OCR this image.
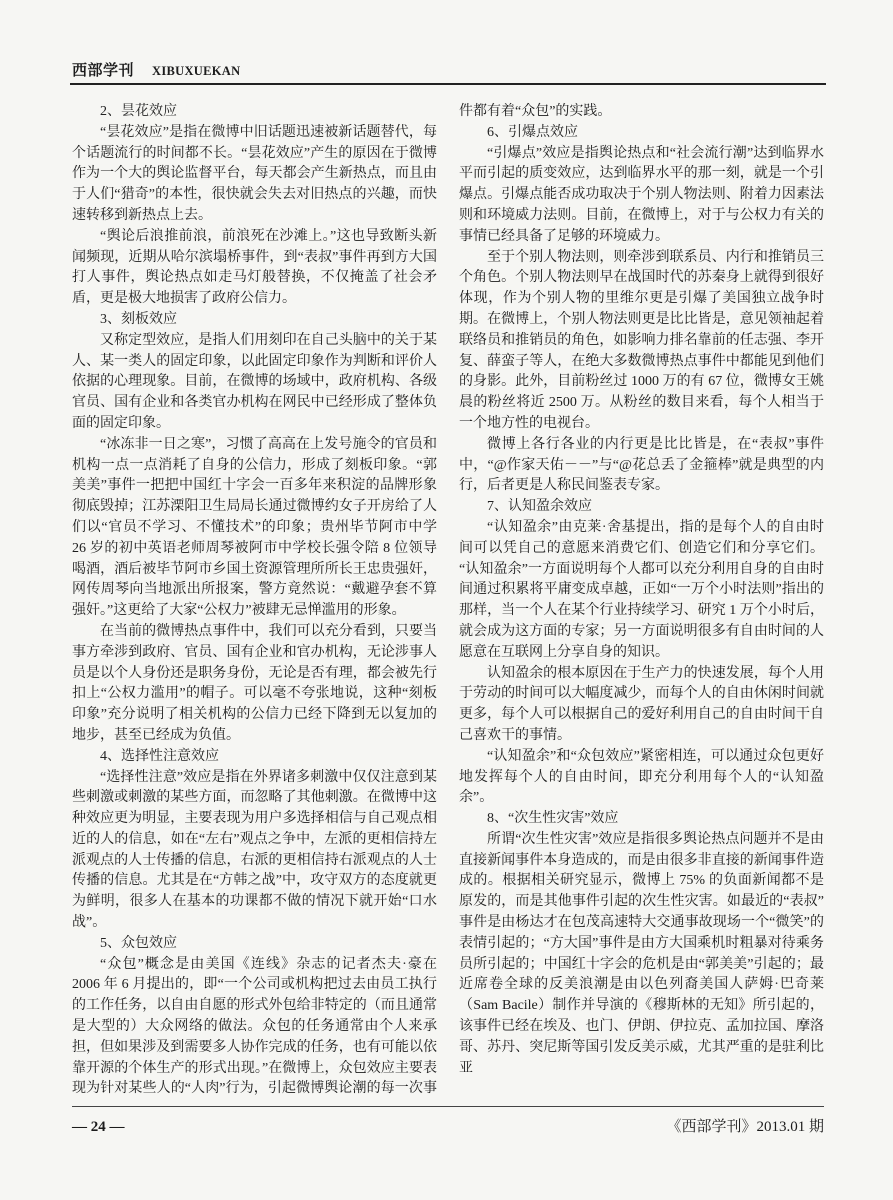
西部学刊 XIBUXUEKAN
2、昙花效应

“昙花效应”是指在微博中旧话题迅速被新话题替代，每个话题流行的时间都不长。“昙花效应”产生的原因在于微博作为一个大的舆论监督平台，每天都会产生新热点，而且由于人们“猎奇”的本性，很快就会失去对旧热点的兴趣，而快速转移到新热点上去。

“舆论后浪推前浪，前浪死在沙滩上。”这也导致断头新闻频现，近期从哈尔滨塌桥事件，到“表叔”事件再到方大国打人事件，舆论热点如走马灯般替换，不仅掩盖了社会矛盾，更是极大地损害了政府公信力。

3、刻板效应

又称定型效应，是指人们用刻印在自己头脑中的关于某人、某一类人的固定印象，以此固定印象作为判断和评价人依据的心理现象。目前，在微博的场域中，政府机构、各级官员、国有企业和各类官办机构在网民中已经形成了整体负面的固定印象。

“冰冻非一日之寒”，习惯了高高在上发号施令的官员和机构一点一点消耗了自身的公信力，形成了刻板印象。“郭美美”事件一把把中国红十字会一百多年来积淀的品牌形象彻底毁掉；江苏溧阳卫生局局长通过微博约女子开房给了人们以“官员不学习、不懂技术”的印象；贵州毕节阿市中学 26 岁的初中英语老师周琴被阿市中学校长强令陪 8 位领导喝酒，酒后被毕节阿市乡国土资源管理所所长王忠贵强奸，网传周琴向当地派出所报案，警方竟然说：“戴避孕套不算强奸。”这更给了大家“公权力”被肆无忌惮滥用的形象。

在当前的微博热点事件中，我们可以充分看到，只要当事方牵涉到政府、官员、国有企业和官办机构，无论涉事人员是以个人身份还是职务身份，无论是否有理，都会被先行扣上“公权力滥用”的帽子。可以毫不夸张地说，这种“刻板印象”充分说明了相关机构的公信力已经下降到无以复加的地步，甚至已经成为负值。

4、选择性注意效应

“选择性注意”效应是指在外界诸多刺激中仅仅注意到某些刺激或刺激的某些方面，而忽略了其他刺激。在微博中这种效应更为明显，主要表现为用户多选择相信与自己观点相近的人的信息，如在“左右”观点之争中，左派的更相信持左派观点的人士传播的信息，右派的更相信持右派观点的人士传播的信息。尤其是在“方韩之战”中，攻守双方的态度就更为鲜明，很多人在基本的功课都不做的情况下就开始“口水战”。

5、众包效应

“众包”概念是由美国《连线》杂志的记者杰夫·豪在 2006 年 6 月提出的，即“一个公司或机构把过去由员工执行的工作任务，以自由自愿的形式外包给非特定的（而且通常是大型的）大众网络的做法。众包的任务通常由个人来承担，但如果涉及到需要多人协作完成的任务，也有可能以依靠开源的个体生产的形式出现。”在微博上，众包效应主要表现为针对某些人的“人肉”行为，引起微博舆论潮的每一次事件都有着“众包”的实践。

6、引爆点效应

“引爆点”效应是指舆论热点和“社会流行潮”达到临界水平而引起的质变效应，达到临界水平的那一刻，就是一个引爆点。引爆点能否成功取决于个别人物法则、附着力因素法则和环境威力法则。目前，在微博上，对于与公权力有关的事情已经具备了足够的环境威力。

至于个别人物法则，则牵涉到联系员、内行和推销员三个角色。个别人物法则早在战国时代的苏秦身上就得到很好体现，作为个别人物的里维尔更是引爆了美国独立战争时期。在微博上，个别人物法则更是比比皆是，意见领袖起着联络员和推销员的角色，如影响力排名靠前的任志强、李开复、薛蛮子等人，在绝大多数微博热点事件中都能见到他们的身影。此外，目前粉丝过 1000 万的有 67 位，微博女王姚晨的粉丝将近 2500 万。从粉丝的数目来看，每个人相当于一个地方性的电视台。

微博上各行各业的内行更是比比皆是，在“表叔”事件中，“@作家天佑－－”与“@花总丢了金箍棒”就是典型的内行，后者更是人称民间鉴表专家。

7、认知盈余效应

“认知盈余”由克莱·舍基提出，指的是每个人的自由时间可以凭自己的意愿来消费它们、创造它们和分享它们。“认知盈余”一方面说明每个人都可以充分利用自身的自由时间通过积累将平庸变成卓越，正如“一万个小时法则”指出的那样，当一个人在某个行业持续学习、研究 1 万个小时后，就会成为这方面的专家；另一方面说明很多有自由时间的人愿意在互联网上分享自身的知识。

认知盈余的根本原因在于生产力的快速发展，每个人用于劳动的时间可以大幅度减少，而每个人的自由休闲时间就更多，每个人可以根据自己的爱好利用自己的自由时间干自己喜欢干的事情。

“认知盈余”和“众包效应”紧密相连，可以通过众包更好地发挥每个人的自由时间，即充分利用每个人的“认知盈余”。

8、“次生性灾害”效应

所谓“次生性灾害”效应是指很多舆论热点问题并不是由直接新闻事件本身造成的，而是由很多非直接的新闻事件造成的。根据相关研究显示，微博上 75% 的负面新闻都不是原发的，而是其他事件引起的次生性灾害。如最近的“表叔”事件是由杨达才在包茂高速特大交通事故现场一个“微笑”的表情引起的；“方大国”事件是由方大国乘机时粗暴对待乘务员所引起的；中国红十字会的危机是由“郭美美”引起的；最近席卷全球的反美浪潮是由以色列裔美国人萨姆·巴奇莱（Sam Bacile）制作并导演的《穆斯林的无知》所引起的，该事件已经在埃及、也门、伊朗、伊拉克、孟加拉国、摩洛哥、苏丹、突尼斯等国引发反美示威，尤其严重的是驻利比亚

— 24 —	《西部学刊》2013.01 期
